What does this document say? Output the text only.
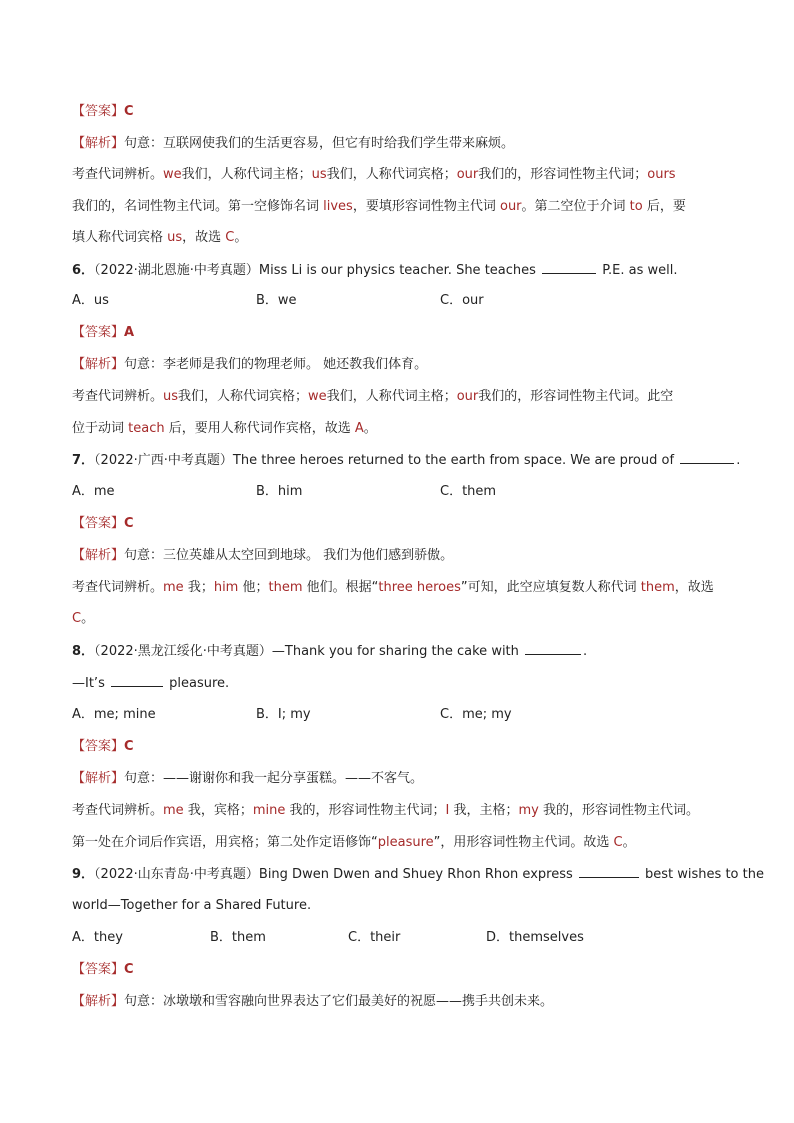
【答案】C
【解析】句意：互联网使我们的生活更容易，但它有时给我们学生带来麻烦。
考查代词辨析。we我们，人称代词主格；us我们，人称代词宾格；our我们的，形容词性物主代词；ours
我们的，名词性物主代词。第一空修饰名词 lives，要填形容词性物主代词 our。第二空位于介词 to 后，要
填人称代词宾格 us，故选 C。
6．（2022·湖北恩施·中考真题）Miss Li is our physics teacher. She teaches	P.E. as well.
A．us	B．we	C．our
【答案】A
【解析】句意：李老师是我们的物理老师。 她还教我们体育。
考查代词辨析。us我们，人称代词宾格；we我们，人称代词主格；our我们的，形容词性物主代词。此空
位于动词 teach 后，要用人称代词作宾格，故选 A。
7．（2022·广西·中考真题）The three heroes returned to the earth from space. We are proud of	.
A．me	B．him	C．them
【答案】C
【解析】句意：三位英雄从太空回到地球。 我们为他们感到骄傲。
考查代词辨析。me 我；him 他；them 他们。根据“three heroes”可知，此空应填复数人称代词 them，故选
C。
8．（2022·黑龙江绥化·中考真题）—Thank you for sharing the cake with	.
—It’s	pleasure.
A．me; mine	B．I; my	C．me; my
【答案】C
【解析】句意：——谢谢你和我一起分享蛋糕。——不客气。
考查代词辨析。me 我，宾格；mine 我的，形容词性物主代词；I 我，主格；my 我的，形容词性物主代词。
第一处在介词后作宾语，用宾格；第二处作定语修饰“pleasure”，用形容词性物主代词。故选 C。
9．（2022·山东青岛·中考真题）Bing Dwen Dwen and Shuey Rhon Rhon express	best wishes to the
world—Together for a Shared Future.
A．they	B．them	C．their	D．themselves
【答案】C
【解析】句意：冰墩墩和雪容融向世界表达了它们最美好的祝愿——携手共创未来。
